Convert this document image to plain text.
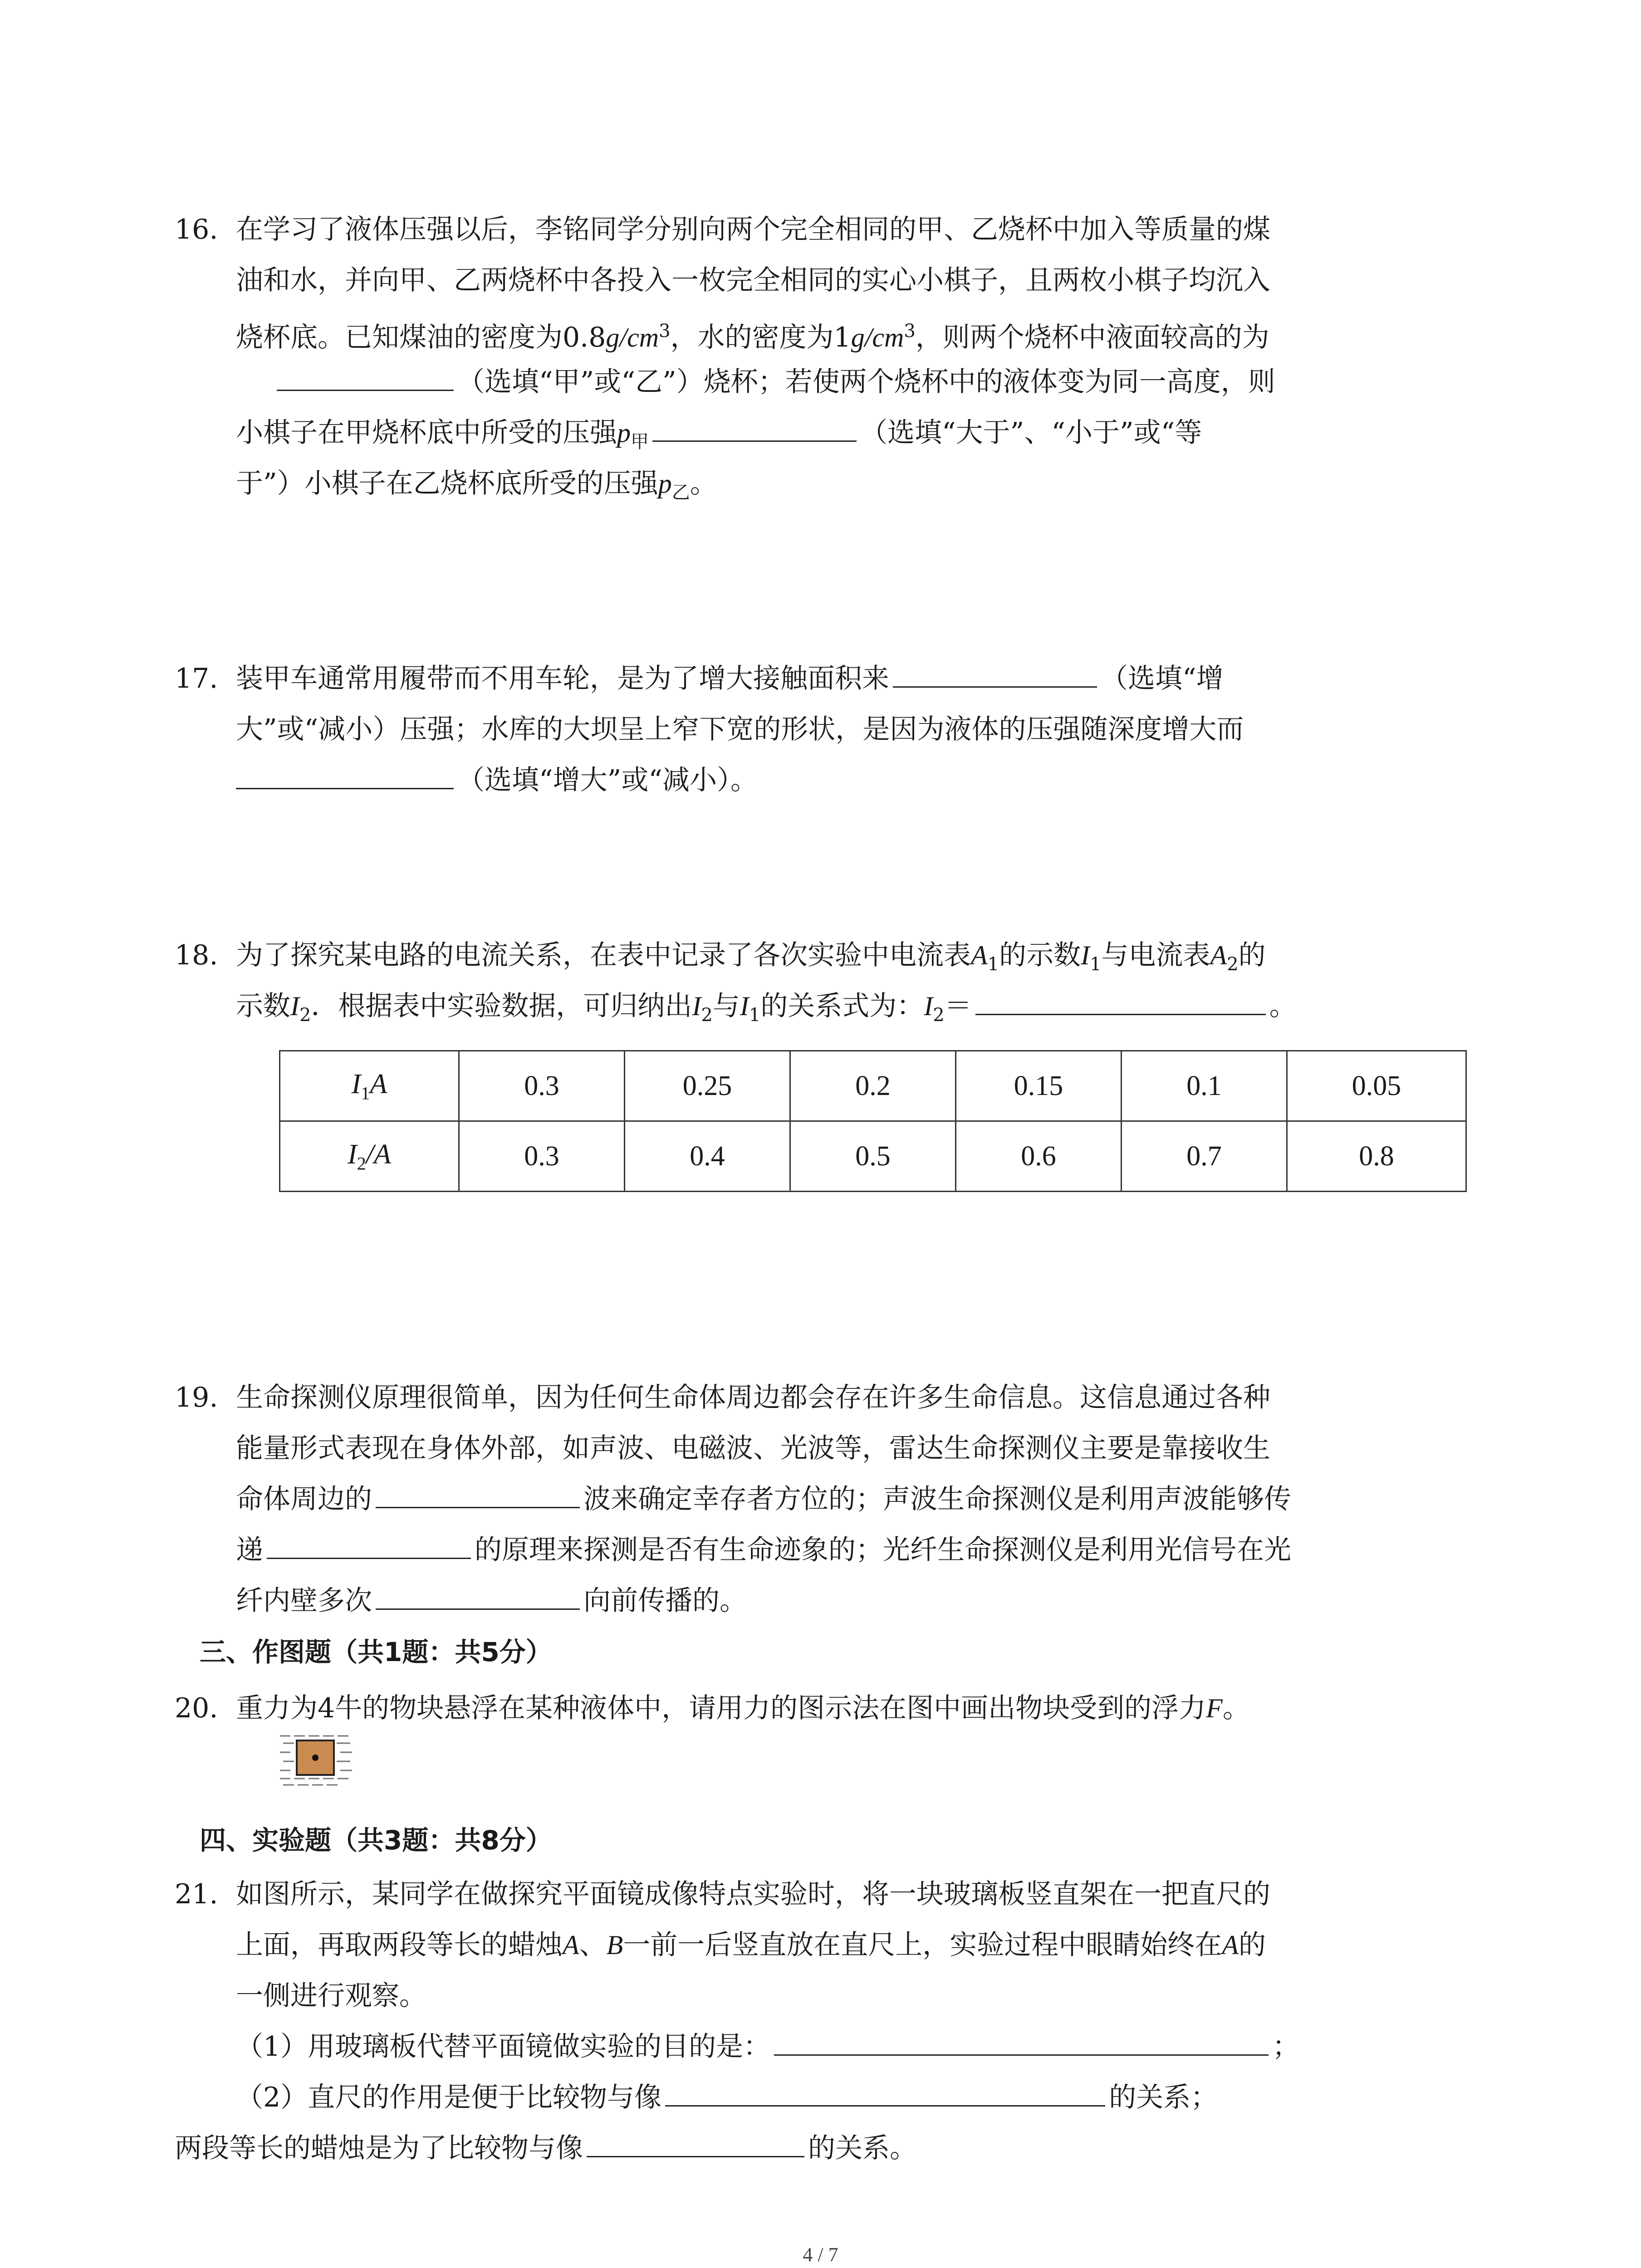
16. 在学习了液体压强以后，李铭同学分别向两个完全相同的甲、乙烧杯中加入等质量的煤
油和水，并向甲、乙两烧杯中各投入一枚完全相同的实心小棋子，且两枚小棋子均沉入
烧杯底。已知煤油的密度为$0.8g/cm^3$，水的密度为$1g/cm^3$，则两个烧杯中液面较高的为
（选填“甲”或“乙”）烧杯；若使两个烧杯中的液体变为同一高度，则
小棋子在甲烧杯底中所受的压强$p_甲$	（选填“大于”、“小于”或“等
于”）小棋子在乙烧杯底所受的压强$p_乙$。
17. 装甲车通常用履带而不用车轮，是为了增大接触面积来	（选填“增
大”或“减小）压强；水库的大坝呈上窄下宽的形状，是因为液体的压强随深度增大而
（选填“增大”或“减小）。
18. 为了探究某电路的电流关系，在表中记录了各次实验中电流表$A_1$的示数$I_1$与电流表$A_2$的
示数$I_2$．根据表中实验数据，可归纳出$I_2$与$I_1$的关系式为：$I_2=$	。
$I_1A$	0.3	0.25	0.2	0.15	0.1	0.05
$I_2/A$	0.3	0.4	0.5	0.6	0.7	0.8
19. 生命探测仪原理很简单，因为任何生命体周边都会存在许多生命信息。这信息通过各种
能量形式表现在身体外部，如声波、电磁波、光波等，雷达生命探测仪主要是靠接收生
命体周边的	波来确定幸存者方位的；声波生命探测仪是利用声波能够传
递	的原理来探测是否有生命迹象的；光纤生命探测仪是利用光信号在光
纤内壁多次	向前传播的。
三、作图题（共1题：共5分）
20. 重力为4牛的物块悬浮在某种液体中，请用力的图示法在图中画出物块受到的浮力F。
四、实验题（共3题：共8分）
21. 如图所示，某同学在做探究平面镜成像特点实验时，将一块玻璃板竖直架在一把直尺的
上面，再取两段等长的蜡烛A、B一前一后竖直放在直尺上，实验过程中眼睛始终在A的
一侧进行观察。
（1）用玻璃板代替平面镜做实验的目的是：	；
（2）直尺的作用是便于比较物与像	的关系；
两段等长的蜡烛是为了比较物与像	的关系。
4 / 7
